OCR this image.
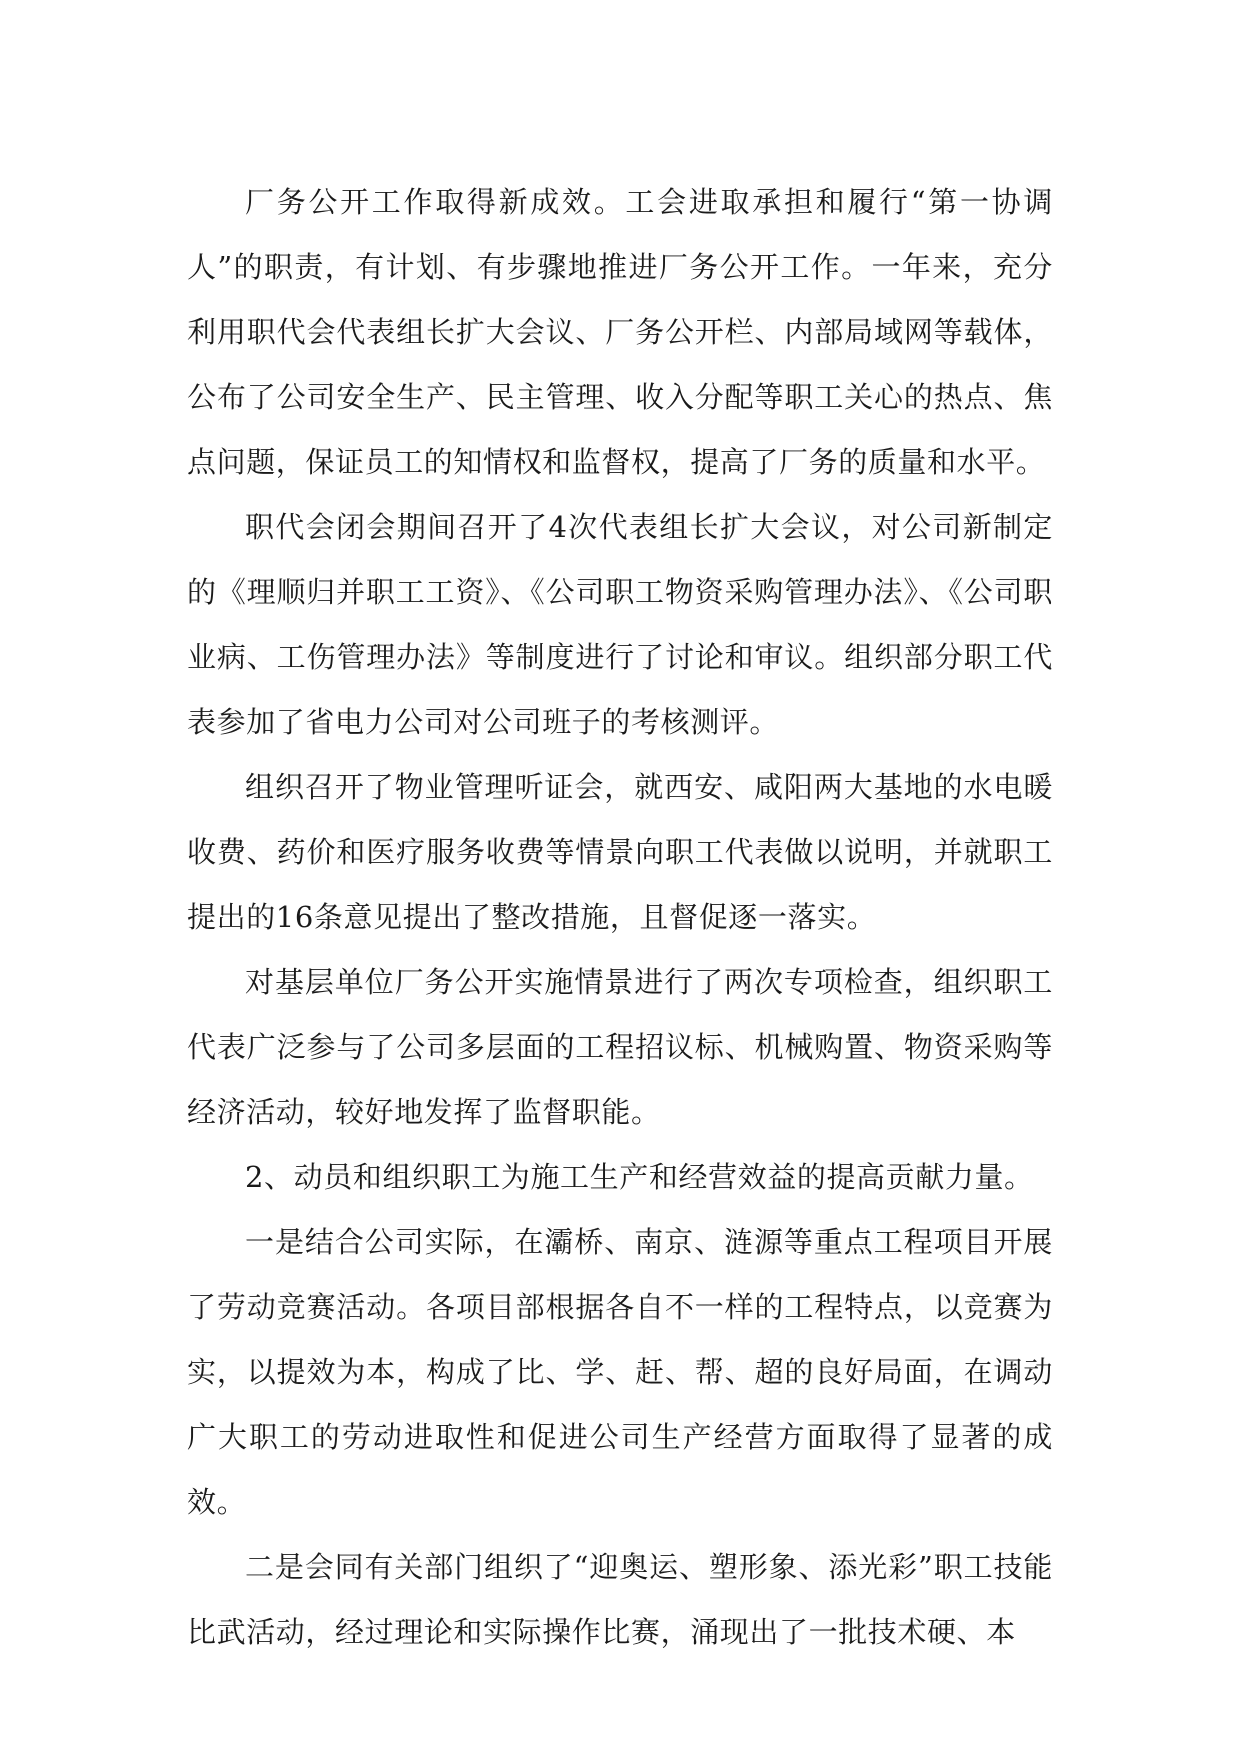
厂务公开工作取得新成效。工会进取承担和履行“第一协调人”的职责，有计划、有步骤地推进厂务公开工作。一年来，充分利用职代会代表组长扩大会议、厂务公开栏、内部局域网等载体，公布了公司安全生产、民主管理、收入分配等职工关心的热点、焦点问题，保证员工的知情权和监督权，提高了厂务的质量和水平。

职代会闭会期间召开了4次代表组长扩大会议，对公司新制定的《理顺归并职工工资》、《公司职工物资采购管理办法》、《公司职业病、工伤管理办法》等制度进行了讨论和审议。组织部分职工代表参加了省电力公司对公司班子的考核测评。

组织召开了物业管理听证会，就西安、咸阳两大基地的水电暖收费、药价和医疗服务收费等情景向职工代表做以说明，并就职工提出的16条意见提出了整改措施，且督促逐一落实。

对基层单位厂务公开实施情景进行了两次专项检查，组织职工代表广泛参与了公司多层面的工程招议标、机械购置、物资采购等经济活动，较好地发挥了监督职能。

2、动员和组织职工为施工生产和经营效益的提高贡献力量。

一是结合公司实际，在灞桥、南京、涟源等重点工程项目开展了劳动竞赛活动。各项目部根据各自不一样的工程特点，以竞赛为实，以提效为本，构成了比、学、赶、帮、超的良好局面，在调动广大职工的劳动进取性和促进公司生产经营方面取得了显著的成效。

二是会同有关部门组织了“迎奥运、塑形象、添光彩”职工技能比武活动，经过理论和实际操作比赛，涌现出了一批技术硬、本
